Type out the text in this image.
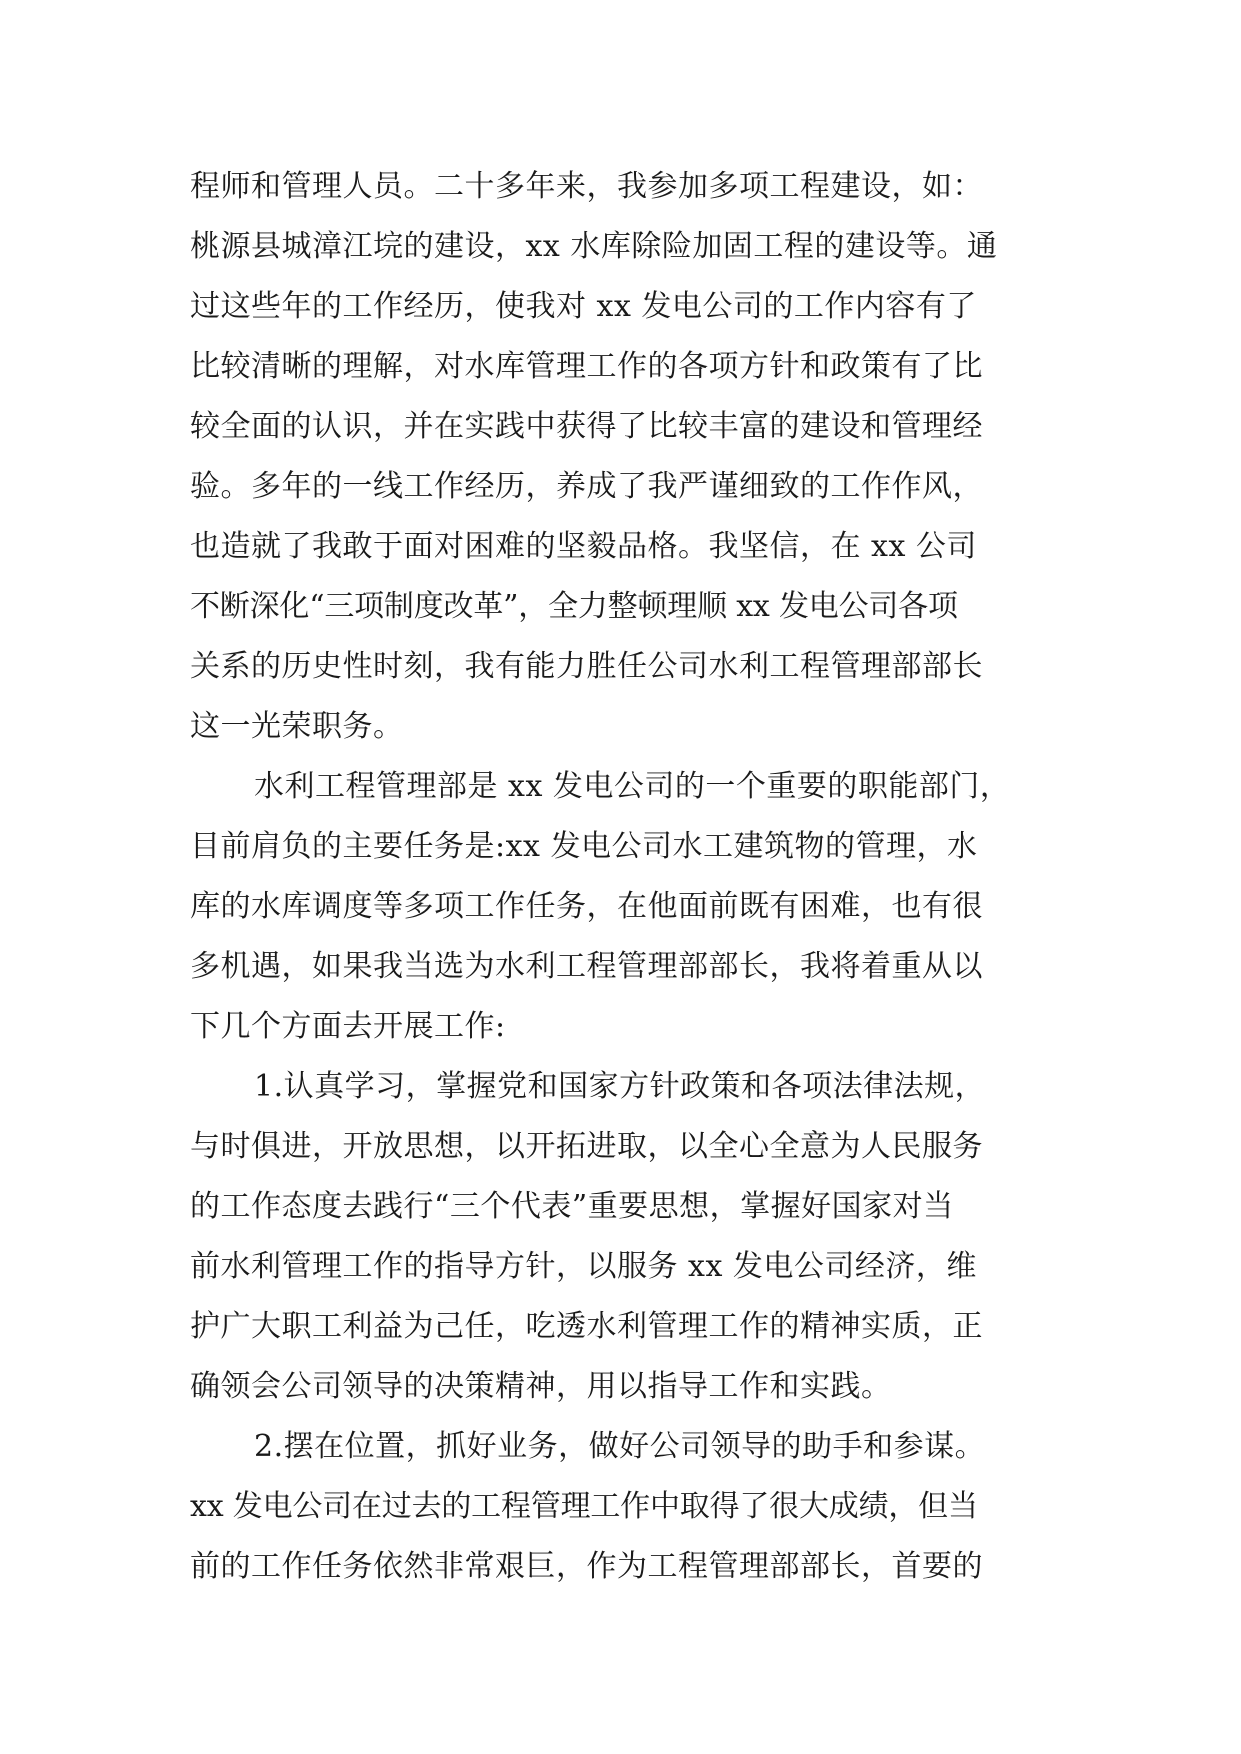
程师和管理人员。二十多年来，我参加多项工程建设，如：
桃源县城漳江垸的建设，xx 水库除险加固工程的建设等。通
过这些年的工作经历，使我对 xx 发电公司的工作内容有了
比较清晰的理解，对水库管理工作的各项方针和政策有了比
较全面的认识，并在实践中获得了比较丰富的建设和管理经
验。多年的一线工作经历，养成了我严谨细致的工作作风，
也造就了我敢于面对困难的坚毅品格。我坚信，在 xx 公司
不断深化“三项制度改革”，全力整顿理顺 xx 发电公司各项
关系的历史性时刻，我有能力胜任公司水利工程管理部部长
这一光荣职务。
水利工程管理部是 xx 发电公司的一个重要的职能部门，
目前肩负的主要任务是:xx 发电公司水工建筑物的管理，水
库的水库调度等多项工作任务，在他面前既有困难，也有很
多机遇，如果我当选为水利工程管理部部长，我将着重从以
下几个方面去开展工作:
1.认真学习，掌握党和国家方针政策和各项法律法规，
与时俱进，开放思想，以开拓进取，以全心全意为人民服务
的工作态度去践行“三个代表”重要思想，掌握好国家对当
前水利管理工作的指导方针，以服务 xx 发电公司经济，维
护广大职工利益为己任，吃透水利管理工作的精神实质，正
确领会公司领导的决策精神，用以指导工作和实践。
2.摆在位置，抓好业务，做好公司领导的助手和参谋。
xx 发电公司在过去的工程管理工作中取得了很大成绩，但当
前的工作任务依然非常艰巨，作为工程管理部部长，首要的
